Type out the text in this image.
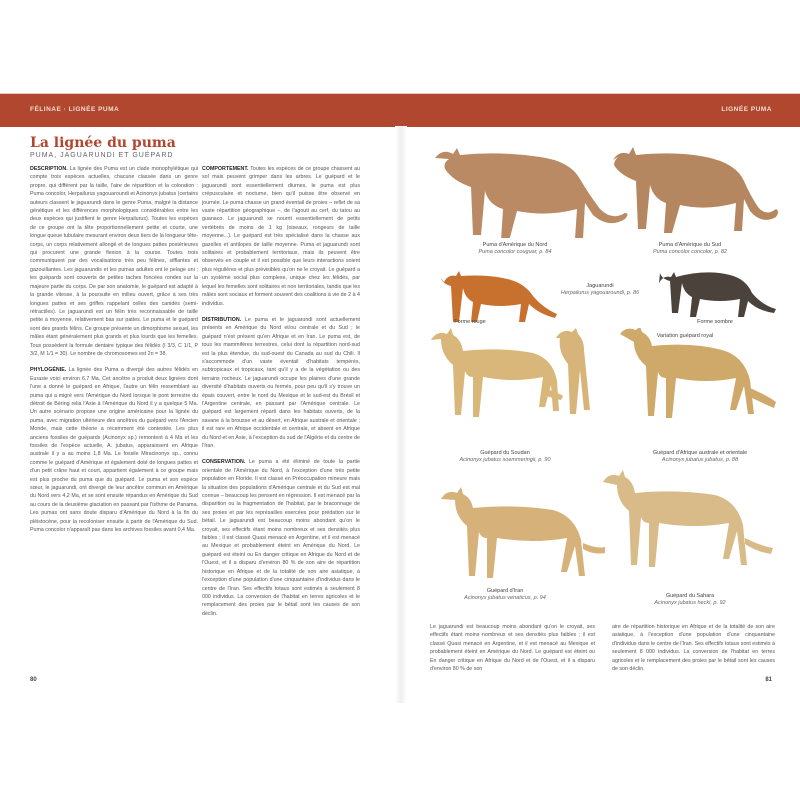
FÉLINAE · LIGNÉE PUMA	LIGNÉE PUMA
La lignée du puma
PUMA, JAGUARUNDI ET GUÉPARD

DESCRIPTION. La lignée des Puma est un clade monophylétique qui compte trois espèces actuelles, chacune classée dans un genre propre, qui diffèrent par la taille, l'aire de répartition et la coloration : Puma concolor, Herpailurus yagouaroundi et Acinonyx jubatus (certains auteurs classent le jaguarundi dans le genre Puma, malgré la distance génétique et les différences morphologiques considérables entre les deux espèces qui justifient le genre Herpailurus). Toutes les espèces de ce groupe ont la tête proportionnellement petite et courte, une longue queue tubulaire mesurant environ deux tiers de la longueur tête-corps, un corps relativement allongé et de longues pattes postérieures qui procurent une grande flexion à la course. Toutes trois communiquent par des vocalisations très peu félines, sifflantes et gazouillantes. Les jaguarundis et les pumas adultes ont le pelage uni ; les guépards sont couverts de petites taches foncées rondes sur la majeure partie du corps. De par son anatomie, le guépard est adapté à la grande vitesse, à la poursuite en milieu ouvert, grâce à ses très longues pattes et ses griffes rappelant celles des canidés (semi-rétractiles). Le jaguarundi est un félin très reconnaissable de taille petite à moyenne, relativement bas sur pattes. Le puma et le guépard sont des grands félins. Ce groupe présente un dimorphisme sexuel, les mâles étant généralement plus grands et plus lourds que les femelles. Tous possèdent la formule dentaire typique des félidés (I 3/3, C 1/1, P 3/2, M 1/1 = 30). Le nombre de chromosomes est 2n = 38.

PHYLOGÉNIE. La lignée des Puma a divergé des autres félidés en Eurasie voici environ 6,7 Ma. Cet ancêtre a produit deux lignées dont l'une a donné le guépard en Afrique, l'autre un félin ressemblant au puma qui a migré vers l'Amérique du Nord lorsque le pont terrestre du détroit de Béring relia l'Asie à l'Amérique du Nord il y a quelque 5 Ma. Un autre scénario propose une origine américaine pour la lignée du puma, avec migration ultérieure des ancêtres du guépard vers l'Ancien Monde, mais cette théorie a récemment été contestée. Les plus anciens fossiles de guépards (Acinonyx sp.) remontent à 4 Ma et les fossiles de l'espèce actuelle, A. jubatus, apparaissent en Afrique australe il y a au moins 1,8 Ma. Le fossile Miracinonyx sp., connu comme le guépard d'Amérique et également doté de longues pattes et d'un petit crâne haut et court, appartient également à ce groupe mais est plus proche du puma que du guépard. Le puma et son espèce sœur, le jaguarundi, ont divergé de leur ancêtre commun en Amérique du Nord vers 4,2 Ma, et se sont ensuite répandus en Amérique du Sud au cours de la deuxième glaciation en passant par l'isthme de Panama. Les pumas ont sans doute disparu d'Amérique du Nord à la fin du pléistocène, pour la recoloniser ensuite à partir de l'Amérique du Sud. Puma concolor n'apparaît pas dans les archives fossiles avant 0,4 Ma.

COMPORTEMENT. Toutes les espèces de ce groupe chassent au sol mais peuvent grimper dans les arbres. Le guépard et le jaguarundi sont essentiellement diurnes, le puma est plus crépusculaire et nocturne, bien qu'il puisse être observé en journée. Le puma chasse un grand éventail de proies – reflet de sa vaste répartition géographique –, de l'agouti au cerf, du tatou au guanaco. Le jaguarundi se nourrit essentiellement de petits vertébrés de moins de 1 kg (oiseaux, rongeurs de taille moyenne...). Le guépard est très spécialisé dans la chasse aux gazelles et antilopes de taille moyenne. Puma et jaguarundi sont solitaires et probablement territoriaux, mais ils peuvent être observés en couple et il est possible que leurs interactions soient plus régulières et plus prévisibles qu'on ne le croyait. Le guépard a un système social plus complexe, unique chez les félidés, par lequel les femelles sont solitaires et non territoriales, tandis que les mâles sont sociaux et forment souvent des coalitions à vie de 2 à 4 individus.

DISTRIBUTION. Le puma et le jaguarundi sont actuellement présents en Amérique du Nord et/ou centrale et du Sud ; le guépard n'est présent qu'en Afrique et en Iran. Le puma est, de tous les mammifères terrestres, celui dont la répartition nord-sud est la plus étendue, du sud-ouest du Canada au sud du Chili. Il s'accommode d'un vaste éventail d'habitats tempérés, subtropicaux et tropicaux, tant qu'il y a de la végétation ou des terrains rocheux. Le jaguarundi occupe les plaines d'une grande diversité d'habitats ouverts ou fermés, pour peu qu'il s'y trouve un épais couvert, entre le nord du Mexique et le sud-est du Brésil et l'Argentine centrale, en passant par l'Amérique centrale. Le guépard est largement réparti dans les habitats ouverts, de la savane à la brousse et au désert, en Afrique australe et orientale ; il est rare en Afrique occidentale et centrale, et absent en Afrique du Nord et en Asie, à l'exception du sud de l'Algérie et du centre de l'Iran.

CONSERVATION. Le puma a été éliminé de toute la partie orientale de l'Amérique du Nord, à l'exception d'une très petite population en Floride. Il est classé en Préoccupation mineure mais la situation des populations d'Amérique centrale et du Sud est mal connue – beaucoup les pensent en régression. Il est menacé par la disparition ou la fragmentation de l'habitat, par le braconnage de ses proies et par les représailles exercées pour prédation sur le bétail. Le jaguarundi est beaucoup moins abondant qu'on le croyait, ses effectifs étant moins nombreux et ses densités plus faibles ; il est classé Quasi menacé en Argentine, et il est menacé au Mexique et probablement éteint en Amérique du Nord. Le guépard est éteint ou En danger critique en Afrique du Nord et de l'Ouest, et il a disparu d'environ 80 % de son aire de répartition historique en Afrique et de la totalité de son aire asiatique, à l'exception d'une population d'une cinquantaine d'individus dans le centre de l'Iran. Ses effectifs totaux sont estimés à seulement 8 000 individus. La conversion de l'habitat en terres agricoles et le remplacement des proies par le bétail sont les causes de son déclin.

80
Puma d'Amérique du Nord
Puma concolor couguar, p. 84
Puma d'Amérique du Sud
Puma concolor concolor, p. 82
Forme rouge
Jaguarundi
Herpailurus yagouaroundi, p. 86
Forme sombre
Variation guépard royal
Guépard du Soudan
Acinonyx jubatus soemmeringii, p. 90
Guépard d'Afrique australe et orientale
Acinonyx jubatus jubatus, p. 88
Guépard d'Iran
Acinonyx jubatus venaticus, p. 94	Guépard du Sahara
Acinonyx jubatus hecki, p. 92

Le jaguarundi est beaucoup moins abondant qu'on le croyait, ses effectifs étant moins nombreux et ses densités plus faibles ; il est classé Quasi menacé en Argentine, et il est menacé au Mexique et probablement éteint en Amérique du Nord. Le guépard est éteint ou En danger critique en Afrique du Nord et de l'Ouest, et il a disparu d'environ 80 % de son

aire de répartition historique en Afrique et de la totalité de son aire asiatique, à l'exception d'une population d'une cinquantaine d'individus dans le centre de l'Iran. Ses effectifs totaux sont estimés à seulement 8 000 individus. La conversion de l'habitat en terres agricoles et le remplacement des proies par le bétail sont les causes de son déclin.

81
